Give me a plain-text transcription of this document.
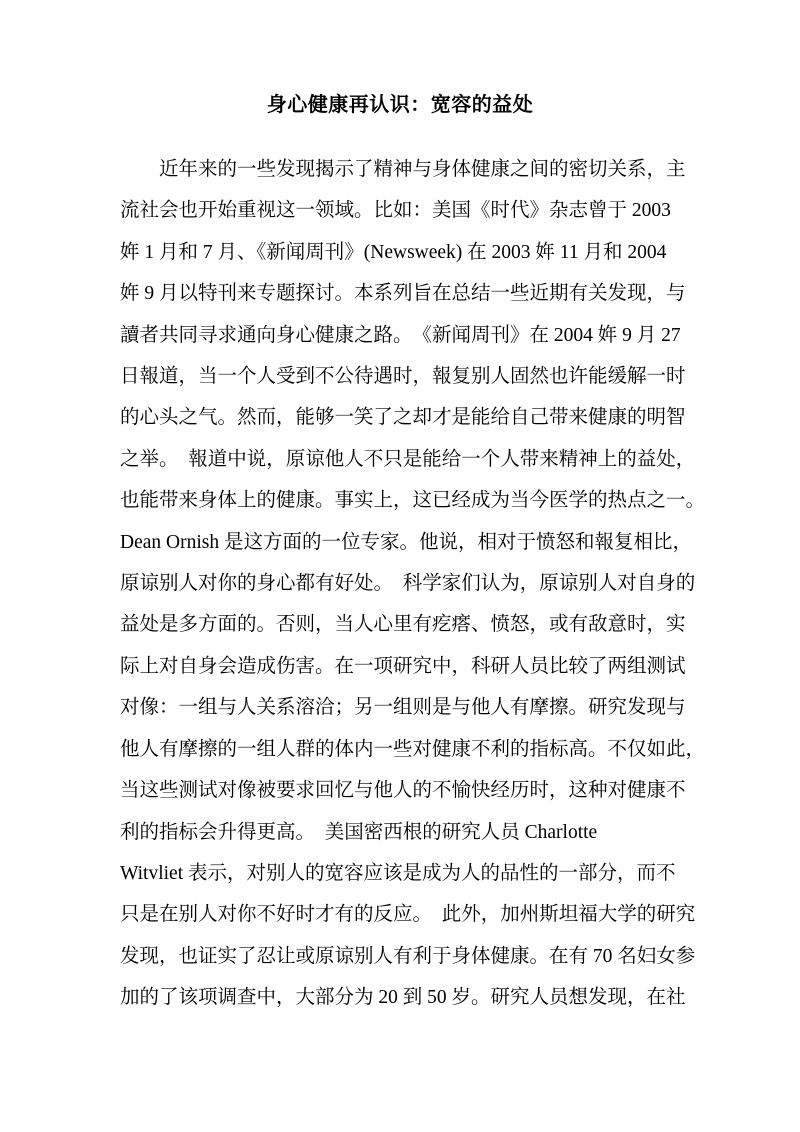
身心健康再认识：宽容的益处

　　近年来的一些发现揭示了精神与身体健康之间的密切关系，主

流社会也开始重视这一领域。比如：美国《时代》杂志曾于 2003

姩 1 月和 7 月、《新闻周刊》(Newsweek) 在 2003 姩 11 月和 2004

姩 9 月以特刊来专题探讨。本系列旨在总结一些近期有关发现，与

讀者共同寻求通向身心健康之路。　《新闻周刊》在 2004 姩 9 月 27

日報道，当一个人受到不公待遇时，報复别人固然也许能缓解一时

的心头之气。然而，能够一笑了之却才是能给自己带来健康的明智

之举。　報道中说，原谅他人不只是能给一个人带来精神上的益处，

也能带来身体上的健康。事实上，这已经成为当今医学的热点之一。

Dean Ornish 是这方面的一位专家。他说，相对于愤怒和報复相比，

原谅别人对你的身心都有好处。　科学家们认为，原谅别人对自身的

益处是多方面的。否则，当人心里有疙瘩、愤怒，或有敌意时，实

际上对自身会造成伤害。在一项研究中，科研人员比较了两组测试

对像：一组与人关系溶洽；另一组则是与他人有摩擦。研究发现与

他人有摩擦的一组人群的体内一些对健康不利的指标高。不仅如此，

当这些测试对像被要求回忆与他人的不愉快经历时，这种对健康不

利的指标会升得更高。　美国密西根的研究人员 Charlotte

Witvliet 表示，对别人的宽容应该是成为人的品性的一部分，而不

只是在别人对你不好时才有的反应。　此外，加州斯坦福大学的研究

发现，也证实了忍让或原谅别人有利于身体健康。在有 70 名妇女参

加的了该项调查中，大部分为 20 到 50 岁。研究人员想发现，在社
